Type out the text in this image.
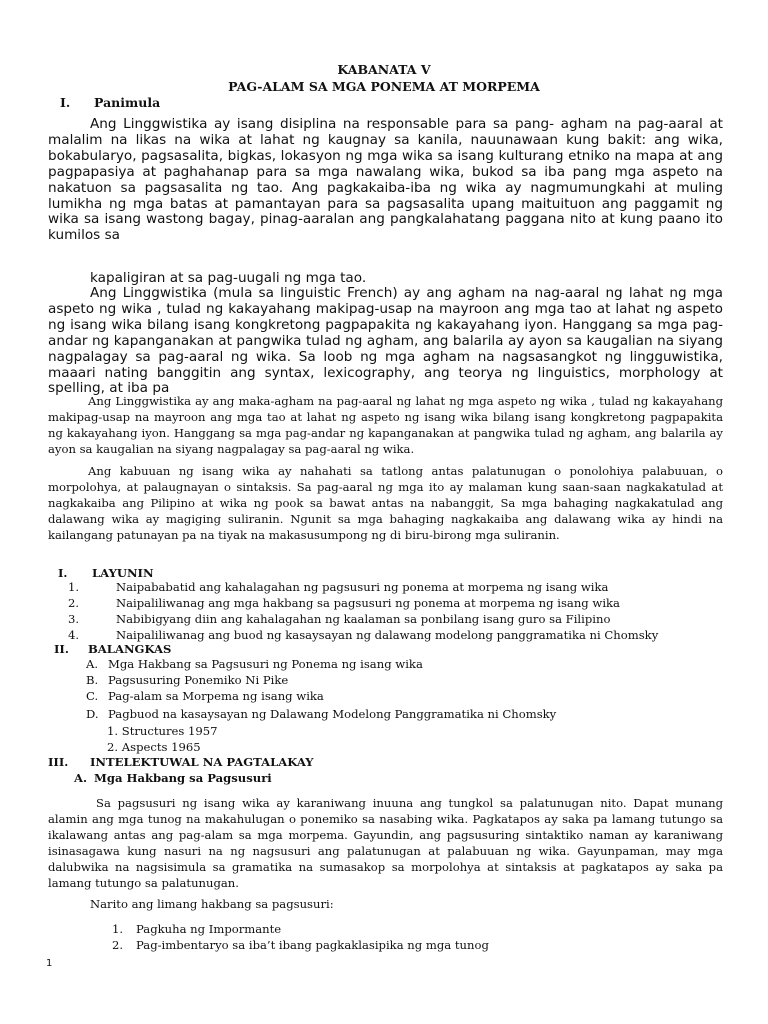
KABANATA V
PAG-ALAM SA MGA PONEMA AT MORPEMA
I. Panimula
Ang Linggwistika ay isang disiplina na responsable para sa pang- agham na pag-aaral at malalim na likas na wika at lahat ng kaugnay sa kanila, nauunawaan kung bakit: ang wika, bokabularyo, pagsasalita, bigkas, lokasyon ng mga wika sa isang kulturang etniko na mapa at ang pagpapasiya at paghahanap para sa mga nawalang wika, bukod sa iba pang mga aspeto na nakatuon sa pagsasalita ng tao. Ang pagkakaiba-iba ng wika ay nagmumungkahi at muling lumikha ng mga batas at pamantayan para sa pagsasalita upang maituituon ang paggamit ng wika sa isang wastong bagay, pinag-aaralan ang pangkalahatang paggana nito at kung paano ito kumilos sa
kapaligiran at sa pag-uugali ng mga tao.
Ang Linggwistika (mula sa linguistic French) ay ang agham na nag-aaral ng lahat ng mga aspeto ng wika , tulad ng kakayahang makipag-usap na mayroon ang mga tao at lahat ng aspeto ng isang wika bilang isang kongkretong pagpapakita ng kakayahang iyon. Hanggang sa mga pag-andar ng kapanganakan at pangwika tulad ng agham, ang balarila ay ayon sa kaugalian na siyang nagpalagay sa pag-aaral ng wika. Sa loob ng mga agham na nagsasangkot ng lingguwistika, maaari nating banggitin ang syntax, lexicography, ang teorya ng linguistics, morphology at spelling, at iba pa
Ang Linggwistika ay ang maka-agham na pag-aaral ng lahat ng mga aspeto ng wika , tulad ng kakayahang makipag-usap na mayroon ang mga tao at lahat ng aspeto ng isang wika bilang isang kongkretong pagpapakita ng kakayahang iyon. Hanggang sa mga pag-andar ng kapanganakan at pangwika tulad ng agham, ang balarila ay ayon sa kaugalian na siyang nagpalagay sa pag-aaral ng wika.
Ang kabuuan ng isang wika ay nahahati sa tatlong antas palatunugan o ponolohiya palabuuan, o morpolohya, at palaugnayan o sintaksis. Sa pag-aaral ng mga ito ay malaman kung saan-saan nagkakatulad at nagkakaiba ang Pilipino at wika ng pook sa bawat antas na nabanggit, Sa mga bahaging nagkakatulad ang dalawang wika ay magiging suliranin. Ngunit sa mga bahaging nagkakaiba ang dalawang wika ay hindi na kailangang patunayan pa na tiyak na makasusumpong ng di biru-birong mga suliranin.
I. LAYUNIN
1.	Naipababatid ang kahalagahan ng pagsusuri ng ponema at morpema ng isang wika
2.	Naipaliliwanag ang mga hakbang sa pagsusuri ng ponema at morpema ng isang wika
3.	Nabibigyang diin ang kahalagahan ng kaalaman sa ponbilang isang guro sa Filipino
4.	Naipaliliwanag ang buod ng kasaysayan ng dalawang modelong panggramatika ni Chomsky
II. BALANGKAS
A. Mga Hakbang sa Pagsusuri ng Ponema ng isang wika
B. Pagsusuring Ponemiko Ni Pike
C. Pag-alam sa Morpema ng isang wika
D. Pagbuod na kasaysayan ng Dalawang Modelong Panggramatika ni Chomsky
1. Structures 1957
2. Aspects 1965
III. INTELEKTUWAL NA PAGTALAKAY
A. Mga Hakbang sa Pagsusuri
Sa pagsusuri ng isang wika ay karaniwang inuuna ang tungkol sa palatunugan nito. Dapat munang alamin ang mga tunog na makahulugan o ponemiko sa nasabing wika. Pagkatapos ay saka pa lamang tutungo sa ikalawang antas ang pag-alam sa mga morpema. Gayundin, ang pagsusuring sintaktiko naman ay karaniwang isinasagawa kung nasuri na ng nagsusuri ang palatunugan at palabuuan ng wika. Gayunpaman, may mga dalubwika na nagsisimula sa gramatika na sumasakop sa morpolohya at sintaksis at pagkatapos ay saka pa lamang tutungo sa palatunugan.
Narito ang limang hakbang sa pagsusuri:
1. Pagkuha ng Impormante
2. Pag-imbentaryo sa iba’t ibang pagkaklasipika ng mga tunog
1
